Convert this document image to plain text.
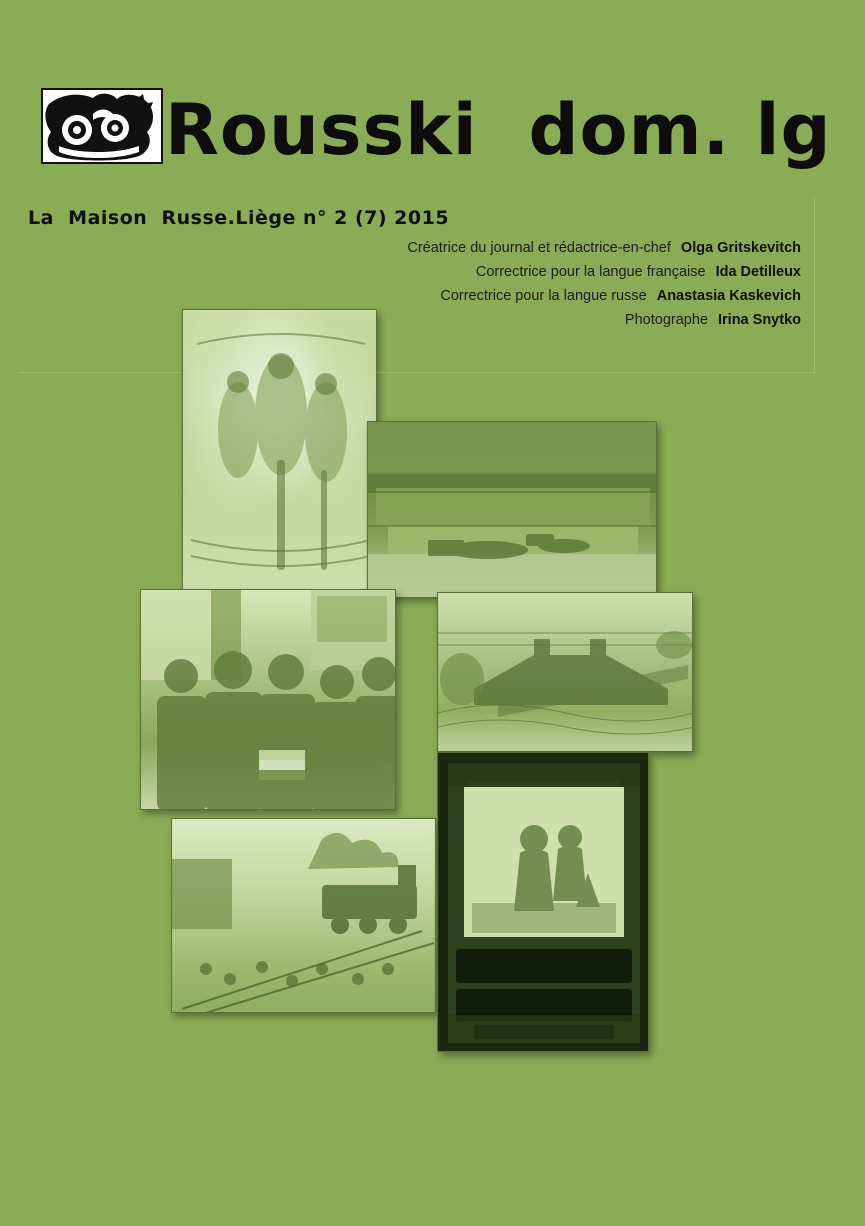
Rousski  dom. lg
La  Maison  Russe.Liège n° 2 (7) 2015
Créatrice du journal et rédactrice-en-chef Olga Gritskevitch
Correctrice pour la langue française Ida Detilleux
Correctrice pour la langue russe Anastasia Kaskevich
Photographe Irina Snytko
